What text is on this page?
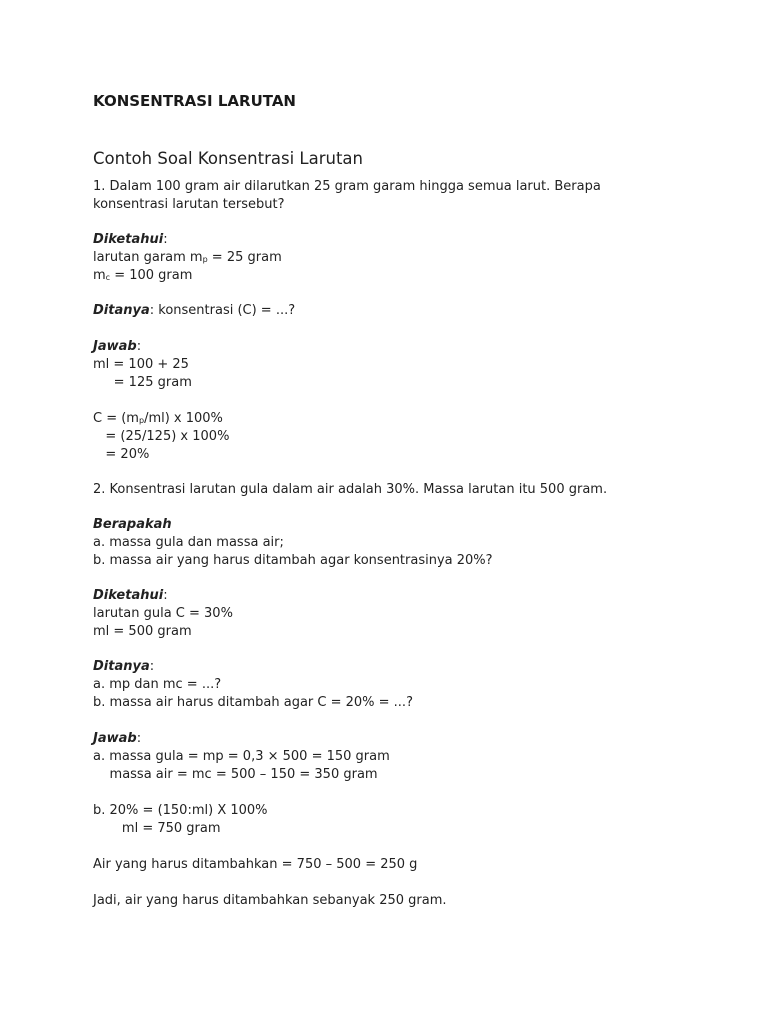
KONSENTRASI LARUTAN
Contoh Soal Konsentrasi Larutan
1. Dalam 100 gram air dilarutkan 25 gram garam hingga semua larut. Berapa
konsentrasi larutan tersebut?
Diketahui:
larutan garam $m_p = 25$ gram
$m_c = 100$ gram
Ditanya: konsentrasi (C) = ...?
Jawab:
ml = 100 + 25
= 125 gram
$C = (m_p/ml)$ x 100%
= (25/125) x 100%
= 20%
2. Konsentrasi larutan gula dalam air adalah 30%. Massa larutan itu 500 gram.
Berapakah
a. massa gula dan massa air;
b. massa air yang harus ditambah agar konsentrasinya 20%?
Diketahui:
larutan gula C = 30%
ml = 500 gram
Ditanya:
a. mp dan mc = ...?
b. massa air harus ditambah agar C = 20% = ...?
Jawab:
a. massa gula = mp = 0,3 × 500 = 150 gram
massa air = mc = 500 – 150 = 350 gram
b. 20% = (150:ml) X 100%
ml = 750 gram
Air yang harus ditambahkan = 750 – 500 = 250 g
Jadi, air yang harus ditambahkan sebanyak 250 gram.
